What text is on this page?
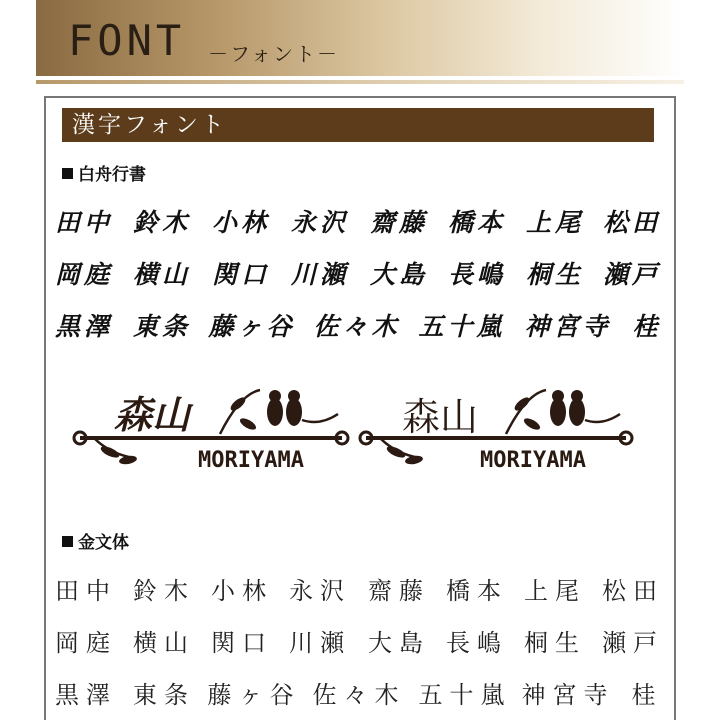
FONT －フォント－
漢字フォント
白舟行書
田中 鈴木 小林 永沢 齋藤 橋本 上尾 松田
岡庭 横山 関口 川瀬 大島 長嶋 桐生 瀬戸
黒澤 東条 藤ヶ谷 佐々木 五十嵐 神宮寺 桂
森山
MORIYAMA
森山
MORIYAMA
金文体
田中 鈴木 小林 永沢 齋藤 橋本 上尾 松田
岡庭 横山 関口 川瀬 大島 長嶋 桐生 瀬戸
黒澤 東条 藤ヶ谷 佐々木 五十嵐 神宮寺 桂
